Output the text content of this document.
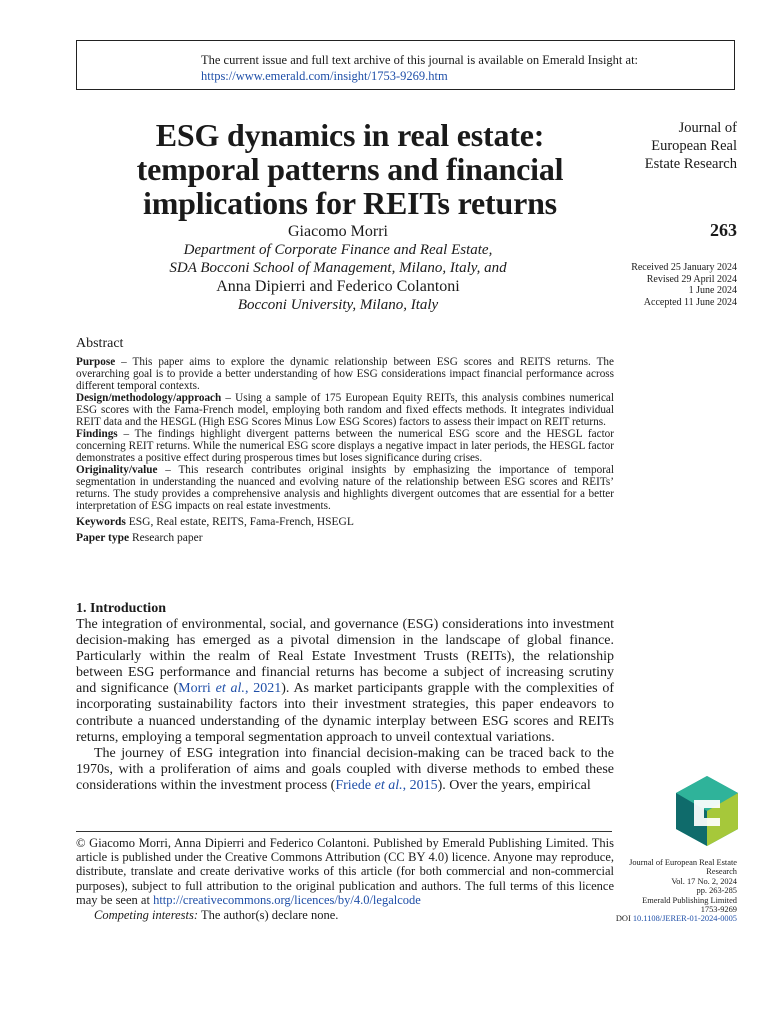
The current issue and full text archive of this journal is available on Emerald Insight at:
https://www.emerald.com/insight/1753-9269.htm
ESG dynamics in real estate:
temporal patterns and financial
implications for REITs returns
Journal of
European Real
Estate Research
263
Received 25 January 2024
Revised 29 April 2024
1 June 2024
Accepted 11 June 2024
Giacomo Morri
Department of Corporate Finance and Real Estate,
SDA Bocconi School of Management, Milano, Italy, and
Anna Dipierri and Federico Colantoni
Bocconi University, Milano, Italy
Abstract

Purpose – This paper aims to explore the dynamic relationship between ESG scores and REITS returns. The overarching goal is to provide a better understanding of how ESG considerations impact financial performance across different temporal contexts.

Design/methodology/approach – Using a sample of 175 European Equity REITs, this analysis combines numerical ESG scores with the Fama-French model, employing both random and fixed effects methods. It integrates individual REIT data and the HESGL (High ESG Scores Minus Low ESG Scores) factors to assess their impact on REIT returns.

Findings – The findings highlight divergent patterns between the numerical ESG score and the HESGL factor concerning REIT returns. While the numerical ESG score displays a negative impact in later periods, the HESGL factor demonstrates a positive effect during prosperous times but loses significance during crises.

Originality/value – This research contributes original insights by emphasizing the importance of temporal segmentation in understanding the nuanced and evolving nature of the relationship between ESG scores and REITs’ returns. The study provides a comprehensive analysis and highlights divergent outcomes that are essential for a better interpretation of ESG impacts on real estate investments.

Keywords ESG, Real estate, REITS, Fama-French, HSEGL

Paper type Research paper

1. Introduction

The integration of environmental, social, and governance (ESG) considerations into investment decision-making has emerged as a pivotal dimension in the landscape of global finance. Particularly within the realm of Real Estate Investment Trusts (REITs), the relationship between ESG performance and financial returns has become a subject of increasing scrutiny and significance (Morri et al., 2021). As market participants grapple with the complexities of incorporating sustainability factors into their investment strategies, this paper endeavors to contribute a nuanced understanding of the dynamic interplay between ESG scores and REITs returns, employing a temporal segmentation approach to unveil contextual variations.

The journey of ESG integration into financial decision-making can be traced back to the 1970s, with a proliferation of aims and goals coupled with diverse methods to embed these considerations within the investment process (Friede et al., 2015). Over the years, empirical

Journal of European Real Estate
Research
Vol. 17 No. 2, 2024
pp. 263-285
Emerald Publishing Limited
1753-9269
DOI 10.1108/JERER-01-2024-0005

© Giacomo Morri, Anna Dipierri and Federico Colantoni. Published by Emerald Publishing Limited. This article is published under the Creative Commons Attribution (CC BY 4.0) licence. Anyone may reproduce, distribute, translate and create derivative works of this article (for both commercial and non-commercial purposes), subject to full attribution to the original publication and authors. The full terms of this licence may be seen at http://creativecommons.org/licences/by/4.0/legalcode

Competing interests: The author(s) declare none.
